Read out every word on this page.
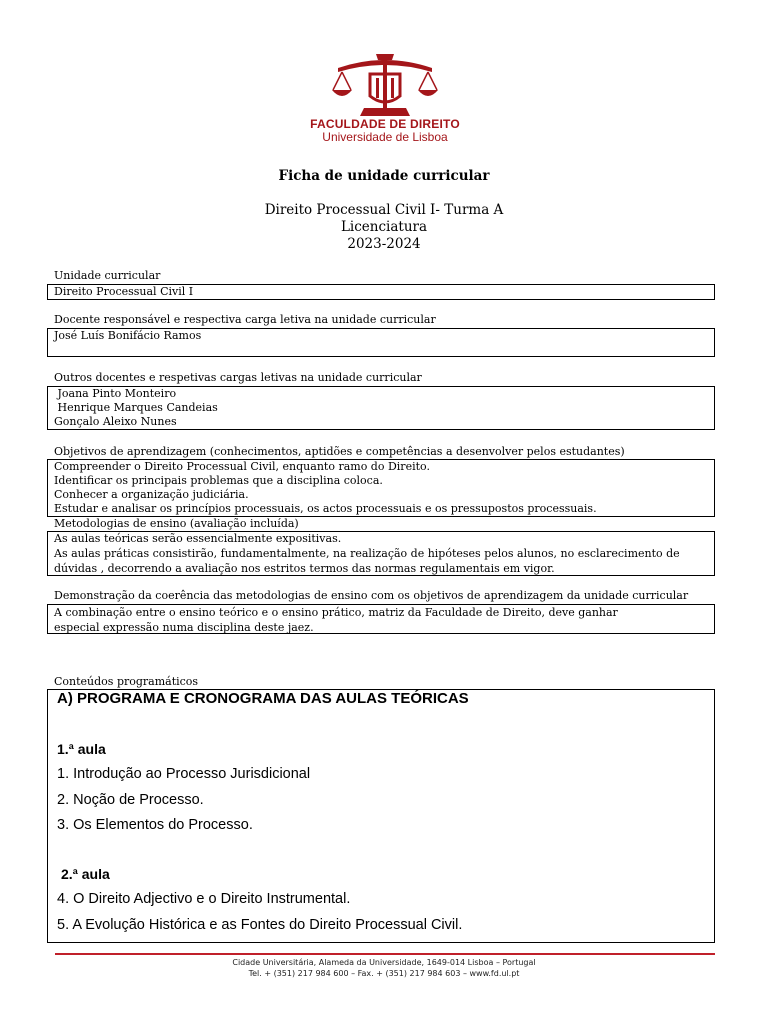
FACULDADE DE DIREITO
Universidade de Lisboa
Ficha de unidade curricular
Direito Processual Civil I- Turma A
Licenciatura
2023-2024
Unidade curricular
Direito Processual Civil I
Docente responsável e respectiva carga letiva na unidade curricular
José Luís Bonifácio Ramos
Outros docentes e respetivas cargas letivas na unidade curricular
Joana Pinto Monteiro
Henrique Marques Candeias
Gonçalo Aleixo Nunes
Objetivos de aprendizagem (conhecimentos, aptidões e competências a desenvolver pelos estudantes)
Compreender o Direito Processual Civil, enquanto ramo do Direito.
Identificar os principais problemas que a disciplina coloca.
Conhecer a organização judiciária.
Estudar e analisar os princípios processuais, os actos processuais e os pressupostos processuais.
Metodologias de ensino (avaliação incluída)
As aulas teóricas serão essencialmente expositivas.
As aulas práticas consistirão, fundamentalmente, na realização de hipóteses pelos alunos, no esclarecimento de dúvidas , decorrendo a avaliação nos estritos termos das normas regulamentais em vigor.
Demonstração da coerência das metodologias de ensino com os objetivos de aprendizagem da unidade curricular
A combinação entre o ensino teórico e o ensino prático, matriz da Faculdade de Direito, deve ganhar especial expressão numa disciplina deste jaez.
Conteúdos programáticos
A) PROGRAMA E CRONOGRAMA DAS AULAS TEÓRICAS
1.ª aula
1. Introdução ao Processo Jurisdicional
2. Noção de Processo.
3. Os Elementos do Processo.
2.ª aula
4. O Direito Adjectivo e o Direito Instrumental.
5. A Evolução Histórica e as Fontes do Direito Processual Civil.
Cidade Universitária, Alameda da Universidade, 1649-014 Lisboa – Portugal
Tel. + (351) 217 984 600 – Fax. + (351) 217 984 603 – www.fd.ul.pt
